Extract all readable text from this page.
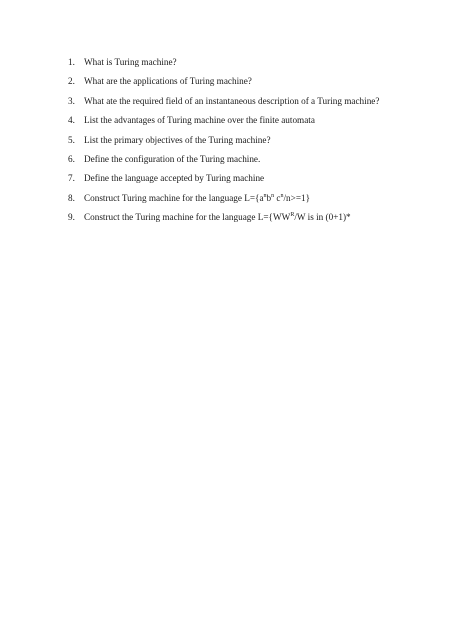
1. What is Turing machine?
2. What are the applications of Turing machine?
3. What ate the required field of an instantaneous description of a Turing machine?
4. List the advantages of Turing machine over the finite automata
5. List the primary objectives of the Turing machine?
6. Define the configuration of the Turing machine.
7. Define the language accepted by Turing machine
8. Construct Turing machine for the language $L=\{a^nb^n$ $c^n/n>=1$}
9. Construct the Turing machine for the language $L=\{WW^R/W$ is in (0+1)*
